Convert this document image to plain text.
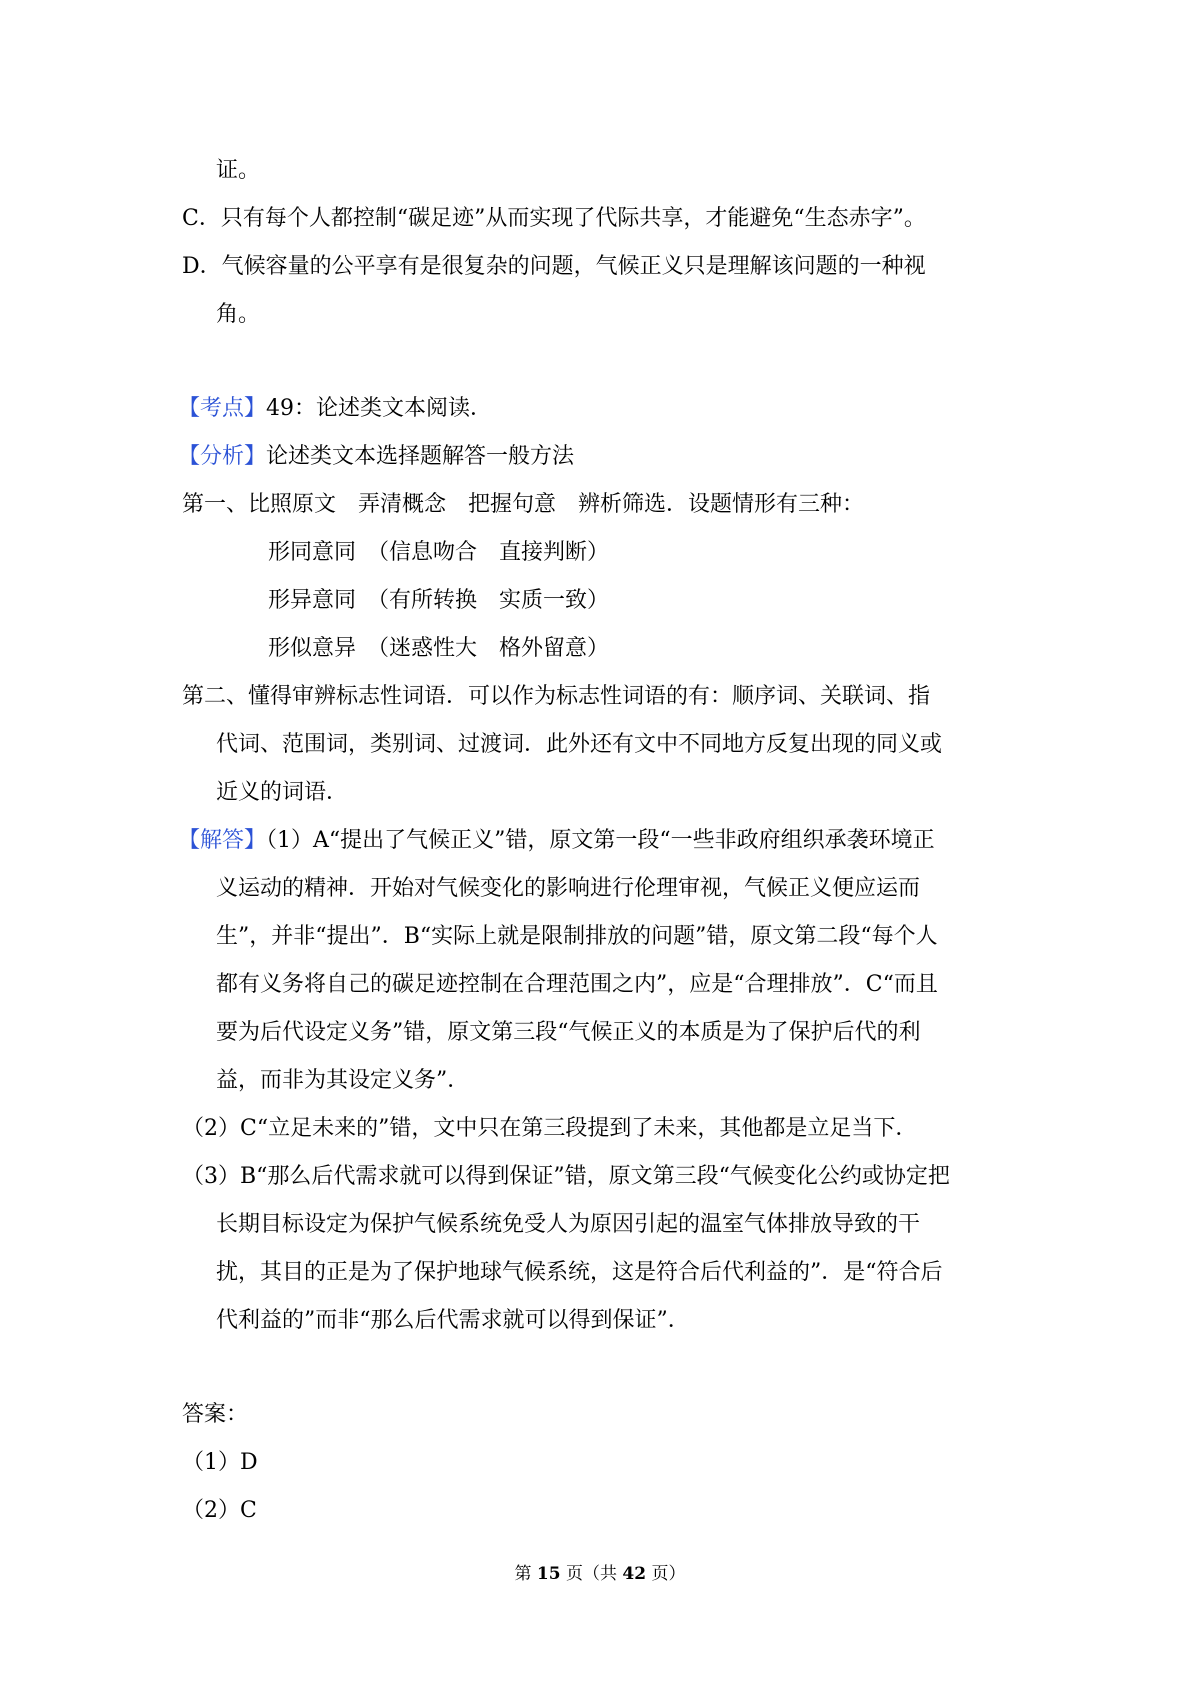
证。
C．只有每个人都控制“碳足迹”从而实现了代际共享，才能避免“生态赤字”。
D．气候容量的公平享有是很复杂的问题，气候正义只是理解该问题的一种视
角。
【考点】49：论述类文本阅读．
【分析】论述类文本选择题解答一般方法
第一、比照原文　弄清概念　把握句意　辨析筛选．设题情形有三种：
形同意同　（信息吻合　直接判断）
形异意同　（有所转换　实质一致）
形似意异　（迷惑性大　格外留意）
第二、懂得审辨标志性词语．可以作为标志性词语的有：顺序词、关联词、指
代词、范围词，类别词、过渡词．此外还有文中不同地方反复出现的同义或
近义的词语．
【解答】（1）A“提出了气候正义”错，原文第一段“一些非政府组织承袭环境正
义运动的精神．开始对气候变化的影响进行伦理审视，气候正义便应运而
生”，并非“提出”．B“实际上就是限制排放的问题”错，原文第二段“每个人
都有义务将自己的碳足迹控制在合理范围之内”，应是“合理排放”．C“而且
要为后代设定义务”错，原文第三段“气候正义的本质是为了保护后代的利
益，而非为其设定义务”．
（2）C“立足未来的”错，文中只在第三段提到了未来，其他都是立足当下．
（3）B“那么后代需求就可以得到保证”错，原文第三段“气候变化公约或协定把
长期目标设定为保护气候系统免受人为原因引起的温室气体排放导致的干
扰，其目的正是为了保护地球气候系统，这是符合后代利益的”．是“符合后
代利益的”而非“那么后代需求就可以得到保证”．
答案：
（1）D
（2）C
第 15 页（共 42 页）
